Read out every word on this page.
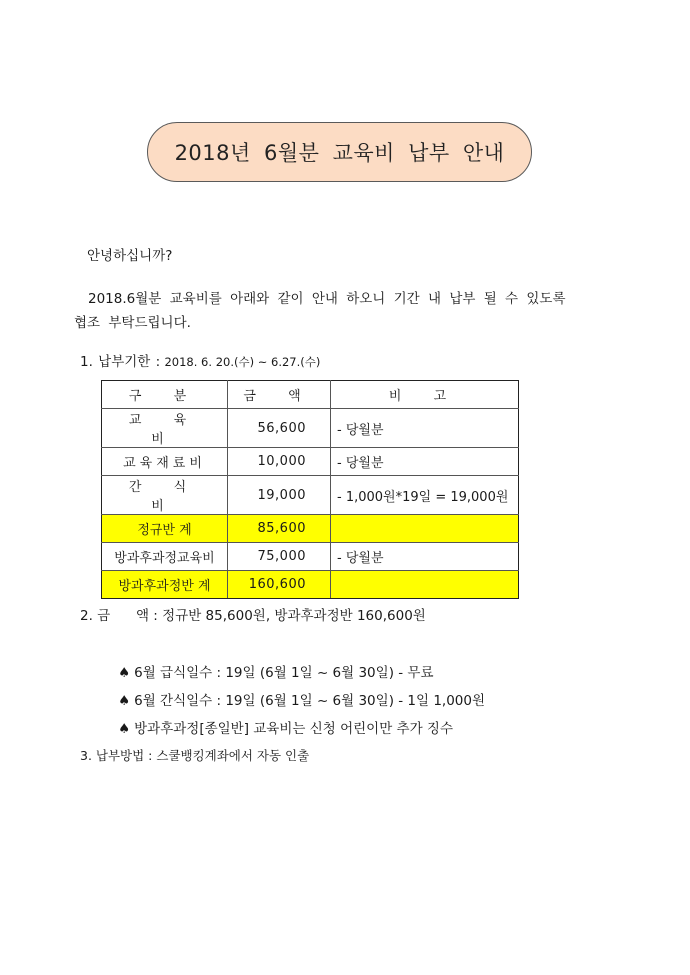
2018년 6월분 교육비 납부 안내
안녕하십니까?
2018.6월분 교육비를 아래와 같이 안내 하오니 기간 내 납부 될 수 있도록
협조 부탁드립니다.
1. 납부기한 : 2018. 6. 20.(수) ~ 6.27.(수)
구 분	금 액	비 고
교 육 비	56,600	- 당월분
교육재료비	10,000	- 당월분
간 식 비	19,000	- 1,000원*19일 = 19,000원
정규반 계	85,600	
방과후과정교육비	75,000	- 당월분
방과후과정반 계	160,600	
2. 금      액 : 정규반 85,600원, 방과후과정반 160,600원
♠ 6월 급식일수 : 19일 (6월 1일 ~ 6월 30일) - 무료
♠ 6월 간식일수 : 19일 (6월 1일 ~ 6월 30일) - 1일 1,000원
♠ 방과후과정[종일반] 교육비는 신청 어린이만 추가 징수
3. 납부방법 : 스쿨뱅킹계좌에서 자동 인출
